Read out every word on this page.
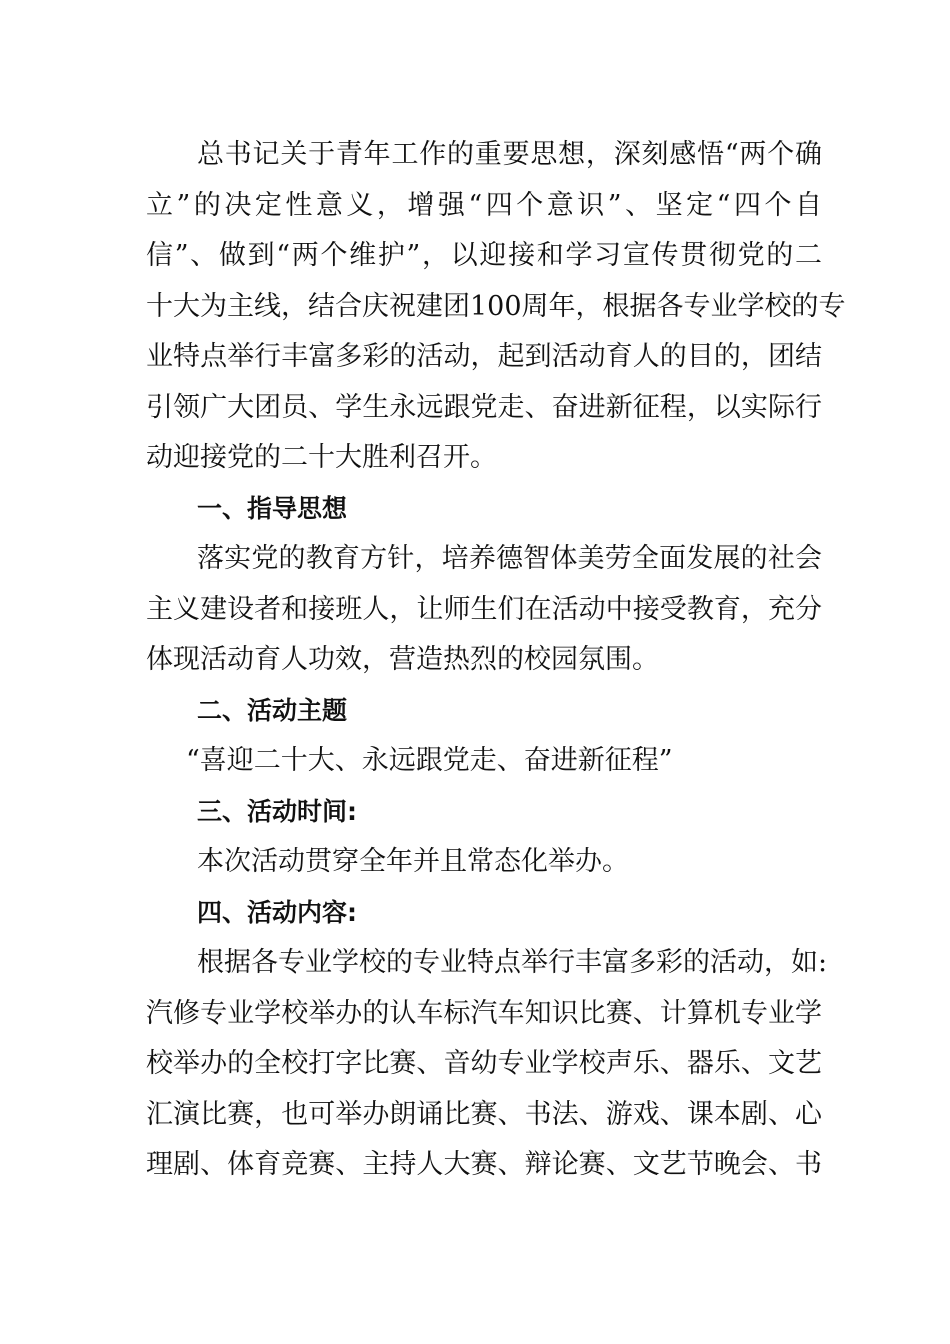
总书记关于青年工作的重要思想，深刻感悟“两个确
立”的决定性意义，增强“四个意识”、坚定“四个自
信”、做到“两个维护”，以迎接和学习宣传贯彻党的二
十大为主线，结合庆祝建团100周年，根据各专业学校的专
业特点举行丰富多彩的活动，起到活动育人的目的，团结
引领广大团员、学生永远跟党走、奋进新征程，以实际行
动迎接党的二十大胜利召开。
一、指导思想
落实党的教育方针，培养德智体美劳全面发展的社会
主义建设者和接班人，让师生们在活动中接受教育，充分
体现活动育人功效，营造热烈的校园氛围。
二、活动主题
“喜迎二十大、永远跟党走、奋进新征程”
三、活动时间:
本次活动贯穿全年并且常态化举办。
四、活动内容:
根据各专业学校的专业特点举行丰富多彩的活动，如:
汽修专业学校举办的认车标汽车知识比赛、计算机专业学
校举办的全校打字比赛、音幼专业学校声乐、器乐、文艺
汇演比赛，也可举办朗诵比赛、书法、游戏、课本剧、心
理剧、体育竞赛、主持人大赛、辩论赛、文艺节晚会、书
